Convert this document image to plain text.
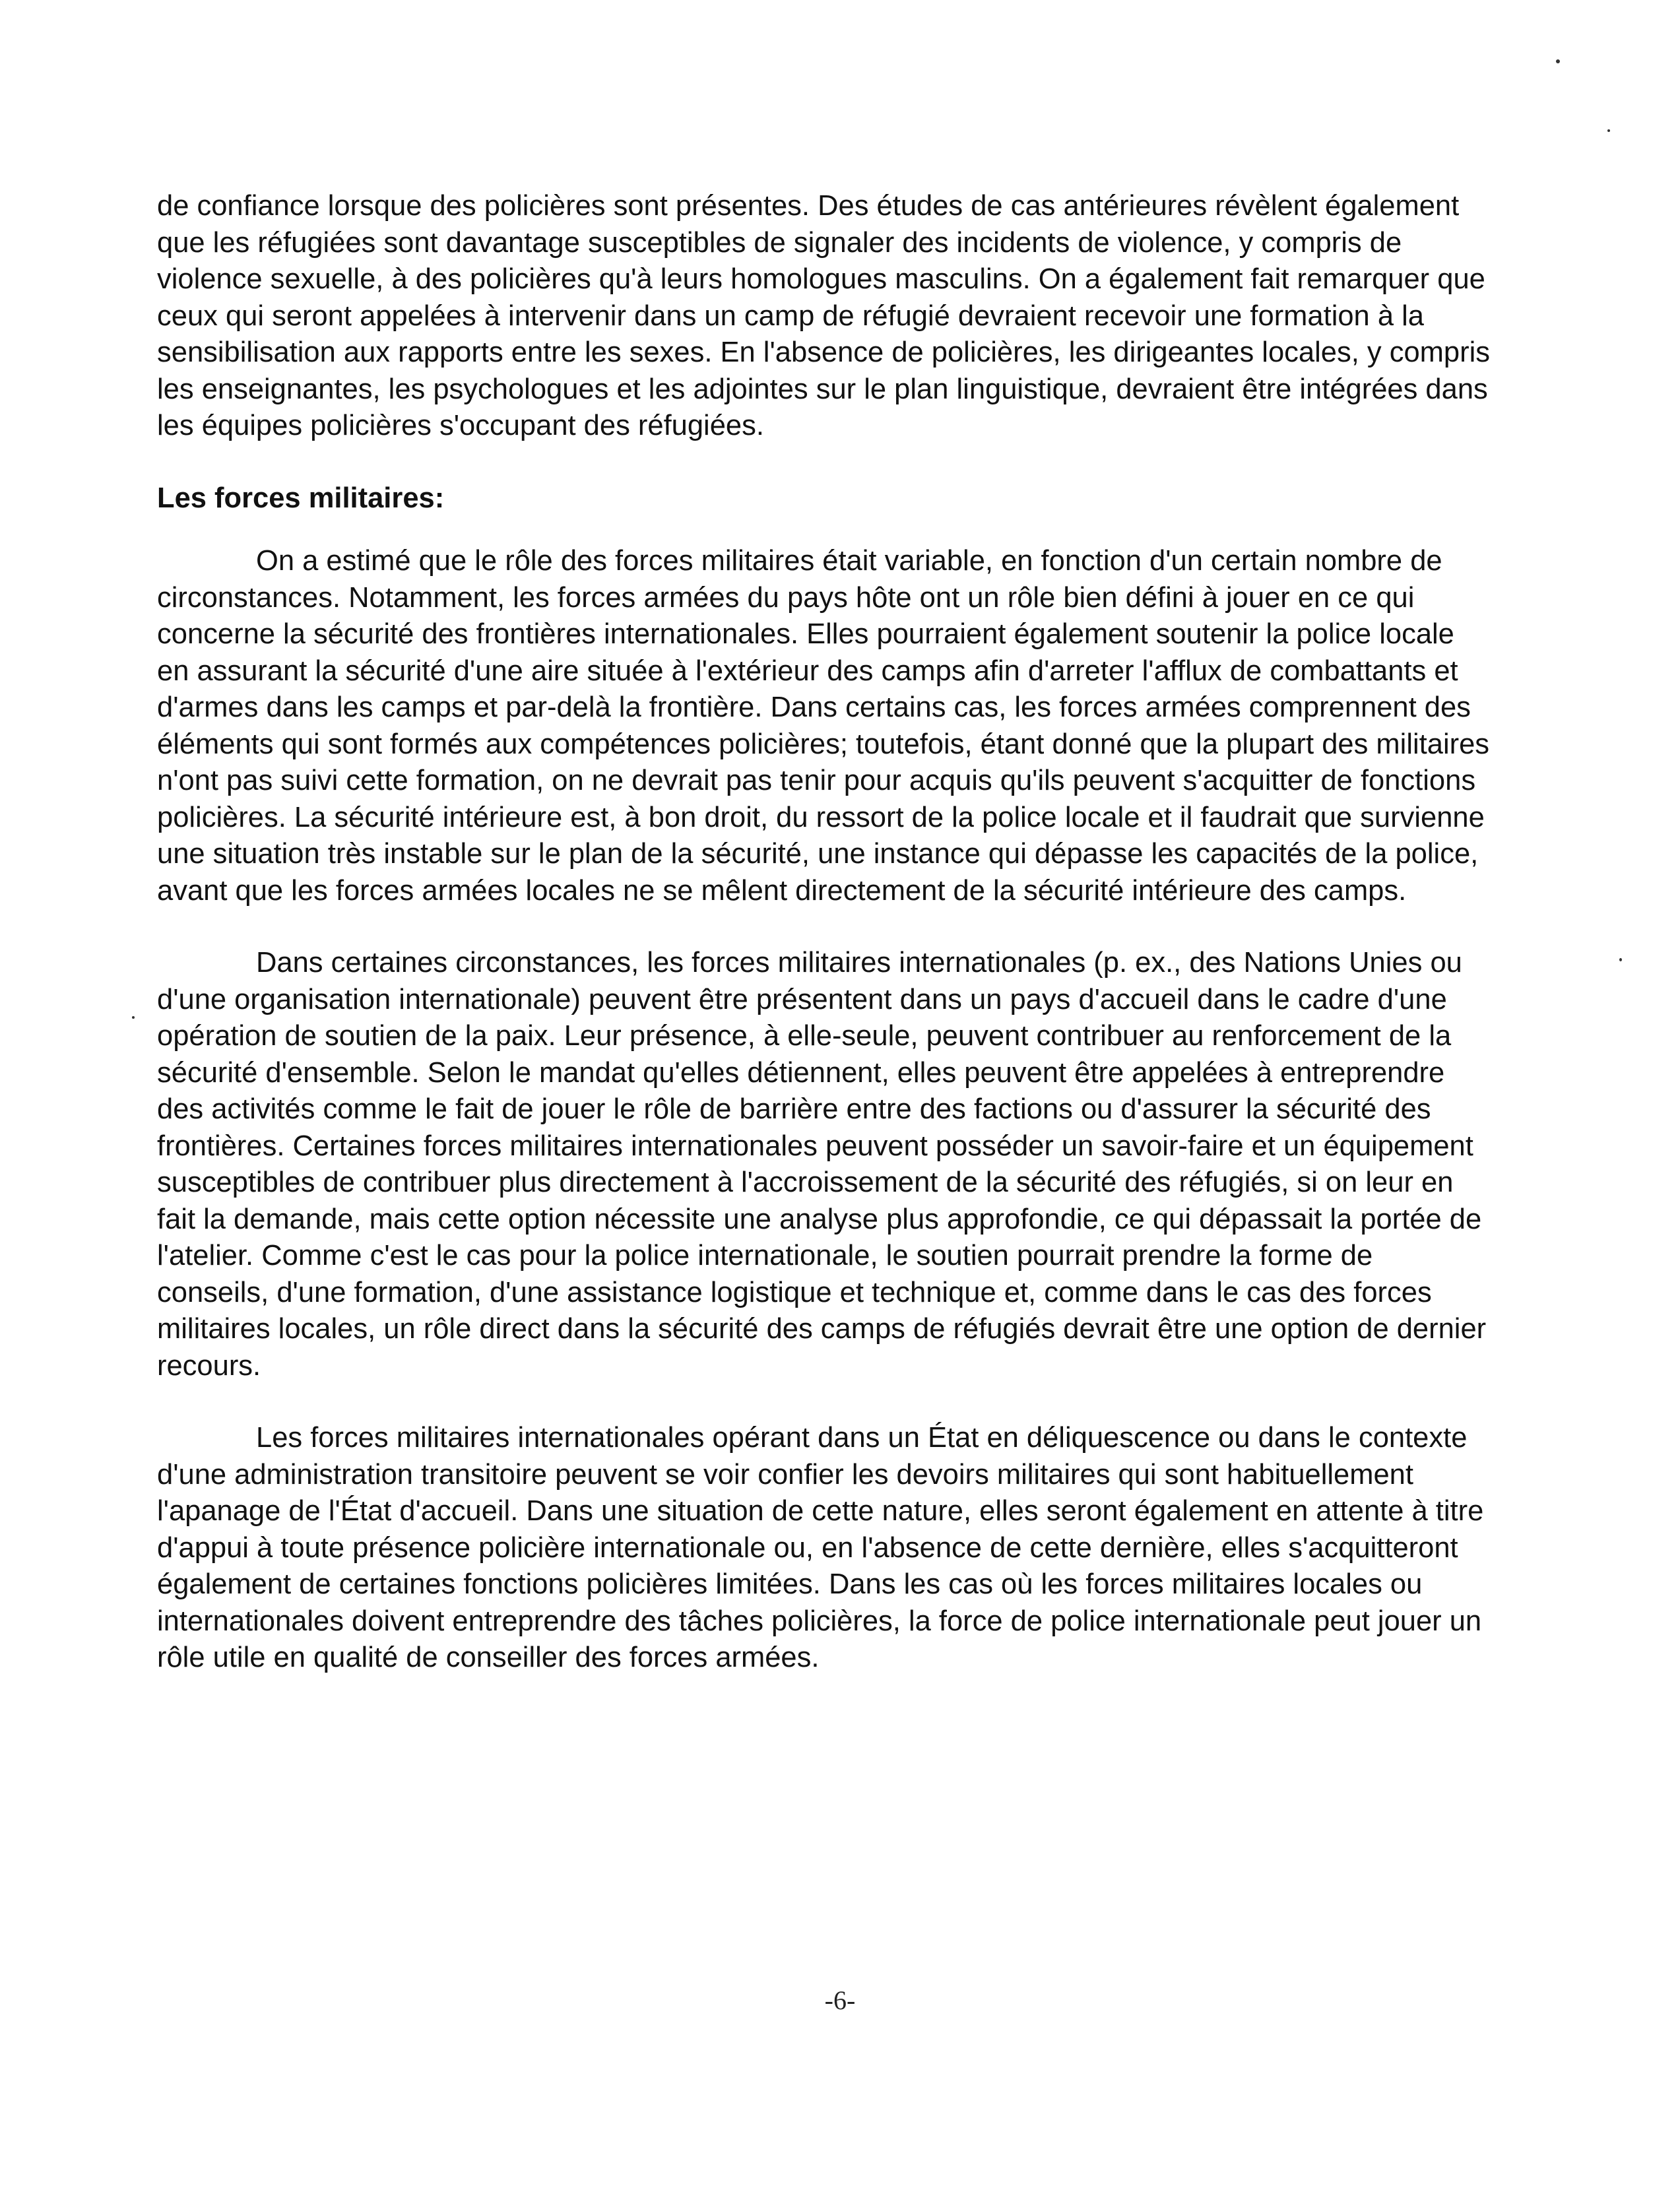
de confiance lorsque des policières sont présentes. Des études de cas antérieures révèlent également que les réfugiées sont davantage susceptibles de signaler des incidents de violence, y compris de violence sexuelle, à des policières qu'à leurs homologues masculins. On a également fait remarquer que ceux qui seront appelées à intervenir dans un camp de réfugié devraient recevoir une formation à la sensibilisation aux rapports entre les sexes. En l'absence de policières, les dirigeantes locales, y compris les enseignantes, les psychologues et les adjointes sur le plan linguistique, devraient être intégrées dans les équipes policières s'occupant des réfugiées.

Les forces militaires:

On a estimé que le rôle des forces militaires était variable, en fonction d'un certain nombre de circonstances. Notamment, les forces armées du pays hôte ont un rôle bien défini à jouer en ce qui concerne la sécurité des frontières internationales. Elles pourraient également soutenir la police locale en assurant la sécurité d'une aire située à l'extérieur des camps afin d'arreter l'afflux de combattants et d'armes dans les camps et par-delà la frontière. Dans certains cas, les forces armées comprennent des éléments qui sont formés aux compétences policières; toutefois, étant donné que la plupart des militaires n'ont pas suivi cette formation, on ne devrait pas tenir pour acquis qu'ils peuvent s'acquitter de fonctions policières. La sécurité intérieure est, à bon droit, du ressort de la police locale et il faudrait que survienne une situation très instable sur le plan de la sécurité, une instance qui dépasse les capacités de la police, avant que les forces armées locales ne se mêlent directement de la sécurité intérieure des camps.

Dans certaines circonstances, les forces militaires internationales (p. ex., des Nations Unies ou d'une organisation internationale) peuvent être présentent dans un pays d'accueil dans le cadre d'une opération de soutien de la paix. Leur présence, à elle-seule, peuvent contribuer au renforcement de la sécurité d'ensemble. Selon le mandat qu'elles détiennent, elles peuvent être appelées à entreprendre des activités comme le fait de jouer le rôle de barrière entre des factions ou d'assurer la sécurité des frontières. Certaines forces militaires internationales peuvent posséder un savoir-faire et un équipement susceptibles de contribuer plus directement à l'accroissement de la sécurité des réfugiés, si on leur en fait la demande, mais cette option nécessite une analyse plus approfondie, ce qui dépassait la portée de l'atelier. Comme c'est le cas pour la police internationale, le soutien pourrait prendre la forme de conseils, d'une formation, d'une assistance logistique et technique et, comme dans le cas des forces militaires locales, un rôle direct dans la sécurité des camps de réfugiés devrait être une option de dernier recours.

Les forces militaires internationales opérant dans un État en déliquescence ou dans le contexte d'une administration transitoire peuvent se voir confier les devoirs militaires qui sont habituellement l'apanage de l'État d'accueil. Dans une situation de cette nature, elles seront également en attente à titre d'appui à toute présence policière internationale ou, en l'absence de cette dernière, elles s'acquitteront également de certaines fonctions policières limitées. Dans les cas où les forces militaires locales ou internationales doivent entreprendre des tâches policières, la force de police internationale peut jouer un rôle utile en qualité de conseiller des forces armées.

-6-
